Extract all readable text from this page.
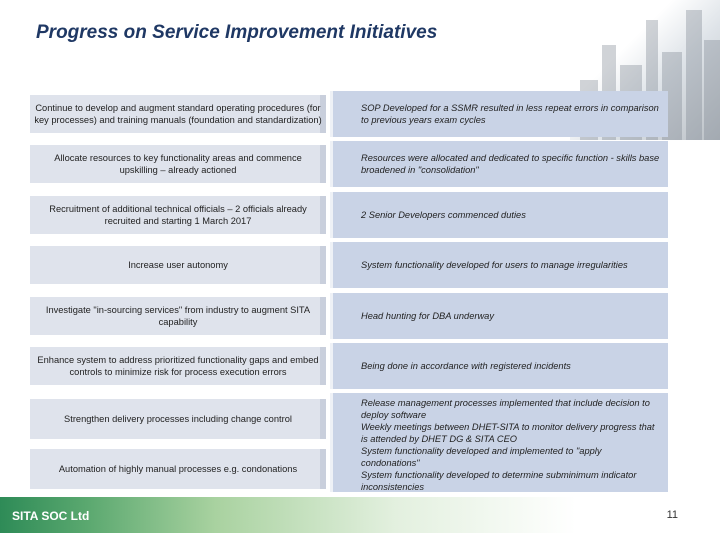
Progress on Service Improvement Initiatives
Continue to develop and augment standard operating procedures (for key processes) and training manuals (foundation and standardization)
SOP Developed for a SSMR resulted in less repeat errors in comparison to previous years exam cycles
Allocate resources to key functionality areas and commence upskilling – already actioned
Resources were allocated and dedicated to specific function - skills base broadened in "consolidation"
Recruitment of additional technical officials – 2 officials already recruited and starting 1 March 2017
2 Senior Developers commenced duties
Increase user autonomy	System functionality developed for users to manage irregularities
Investigate "in-sourcing services" from industry to augment SITA capability
Head hunting for DBA underway
Enhance system to address prioritized functionality gaps and embed controls to minimize risk for process execution errors
Being done in accordance with registered incidents
Strengthen delivery processes including change control
Automation of highly manual processes e.g. condonations
Release management processes implemented that include decision to deploy software
Weekly meetings between DHET-SITA to monitor delivery progress that is attended by DHET DG & SITA CEO
System functionality developed and implemented to "apply condonations"
System functionality developed to determine subminimum indicator inconsistencies
SITA SOC Ltd	11
